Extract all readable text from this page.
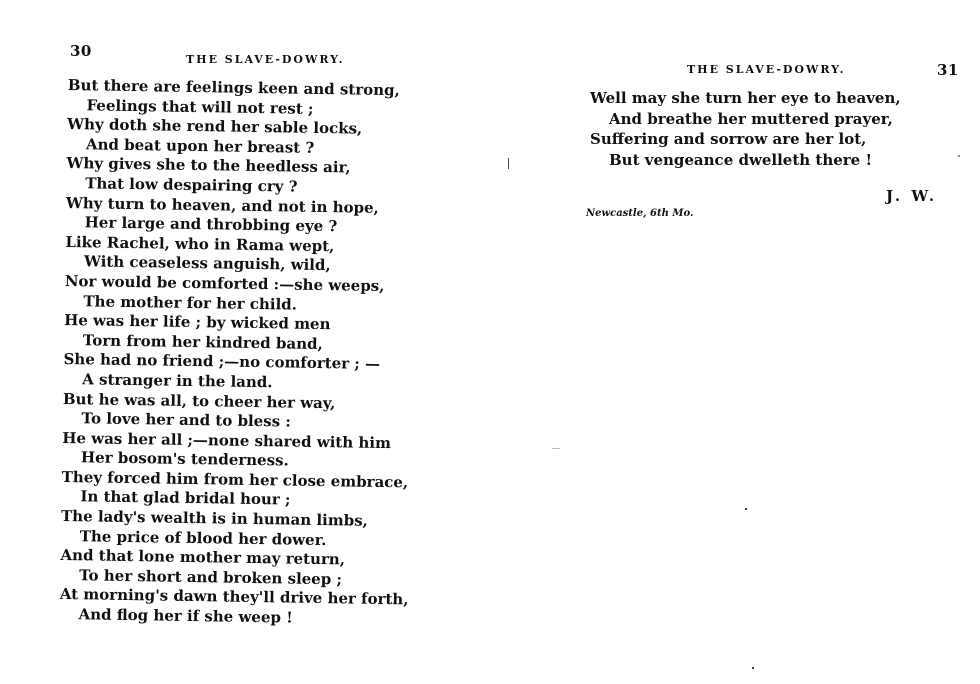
30	THE SLAVE-DOWRY.
But there are feelings keen and strong,
Feelings that will not rest ;
Why doth she rend her sable locks,
And beat upon her breast ?
Why gives she to the heedless air,
That low despairing cry ?
Why turn to heaven, and not in hope,
Her large and throbbing eye ?
Like Rachel, who in Rama wept,
With ceaseless anguish, wild,
Nor would be comforted :—she weeps,
The mother for her child.
He was her life ; by wicked men
Torn from her kindred band,
She had no friend ;—no comforter ; —
A stranger in the land.
But he was all, to cheer her way,
To love her and to bless :
He was her all ;—none shared with him
Her bosom's tenderness.
They forced him from her close embrace,
In that glad bridal hour ;
The lady's wealth is in human limbs,
The price of blood her dower.
And that lone mother may return,
To her short and broken sleep ;
At morning's dawn they'll drive her forth,
And flog her if she weep !
THE SLAVE-DOWRY.	31
Well may she turn her eye to heaven,
And breathe her muttered prayer,
Suffering and sorrow are her lot,
But vengeance dwelleth there !
J. W.
Newcastle, 6th Mo.
